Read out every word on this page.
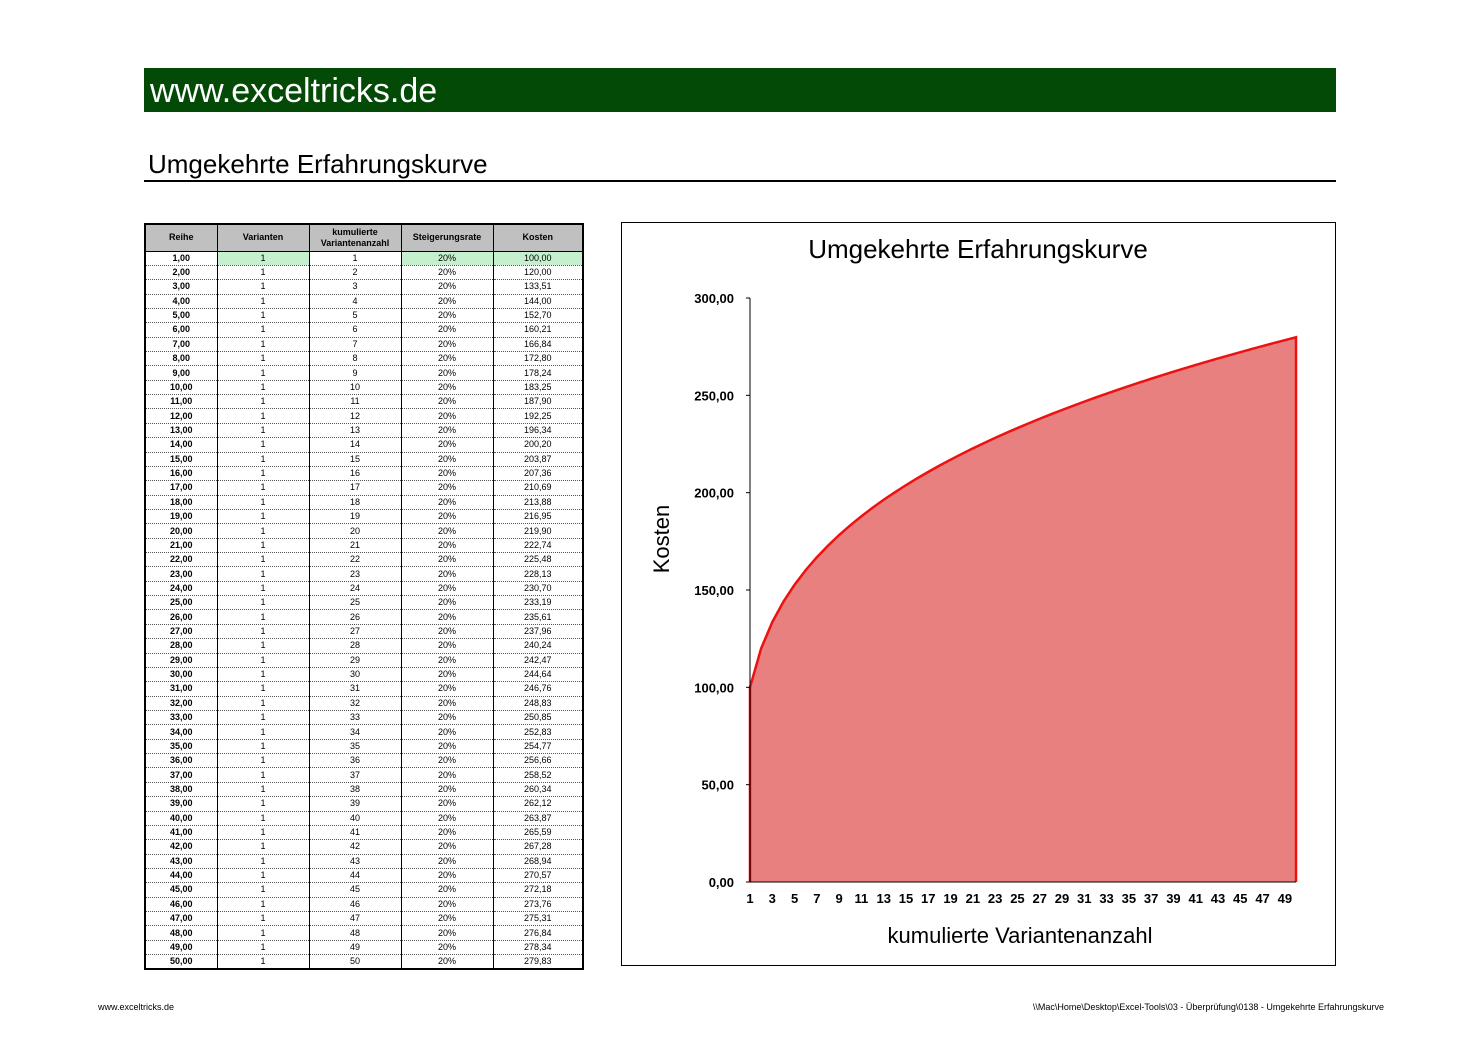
www.exceltricks.de
Umgekehrte Erfahrungskurve
Reihe	Varianten	kumulierte Variantenanzahl	Steigerungsrate	Kosten
1,00	1	1	20%	100,00
2,00	1	2	20%	120,00
3,00	1	3	20%	133,51
4,00	1	4	20%	144,00
5,00	1	5	20%	152,70
6,00	1	6	20%	160,21
7,00	1	7	20%	166,84
8,00	1	8	20%	172,80
9,00	1	9	20%	178,24
10,00	1	10	20%	183,25
11,00	1	11	20%	187,90
12,00	1	12	20%	192,25
13,00	1	13	20%	196,34
14,00	1	14	20%	200,20
15,00	1	15	20%	203,87
16,00	1	16	20%	207,36
17,00	1	17	20%	210,69
18,00	1	18	20%	213,88
19,00	1	19	20%	216,95
20,00	1	20	20%	219,90
21,00	1	21	20%	222,74
22,00	1	22	20%	225,48
23,00	1	23	20%	228,13
24,00	1	24	20%	230,70
25,00	1	25	20%	233,19
26,00	1	26	20%	235,61
27,00	1	27	20%	237,96
28,00	1	28	20%	240,24
29,00	1	29	20%	242,47
30,00	1	30	20%	244,64
31,00	1	31	20%	246,76
32,00	1	32	20%	248,83
33,00	1	33	20%	250,85
34,00	1	34	20%	252,83
35,00	1	35	20%	254,77
36,00	1	36	20%	256,66
37,00	1	37	20%	258,52
38,00	1	38	20%	260,34
39,00	1	39	20%	262,12
40,00	1	40	20%	263,87
41,00	1	41	20%	265,59
42,00	1	42	20%	267,28
43,00	1	43	20%	268,94
44,00	1	44	20%	270,57
45,00	1	45	20%	272,18
46,00	1	46	20%	273,76
47,00	1	47	20%	275,31
48,00	1	48	20%	276,84
49,00	1	49	20%	278,34
50,00	1	50	20%	279,83
Umgekehrte Erfahrungskurve
Kosten
kumulierte Variantenanzahl
0,00
50,00
100,00
150,00
200,00
250,00
300,00
1 3 5 7 9 11 13 15 17 19 21 23 25 27 29 31 33 35 37 39 41 43 45 47 49
www.exceltricks.de	\\Mac\Home\Desktop\Excel-Tools\03 - Überprüfung\0138 - Umgekehrte Erfahrungskurve
